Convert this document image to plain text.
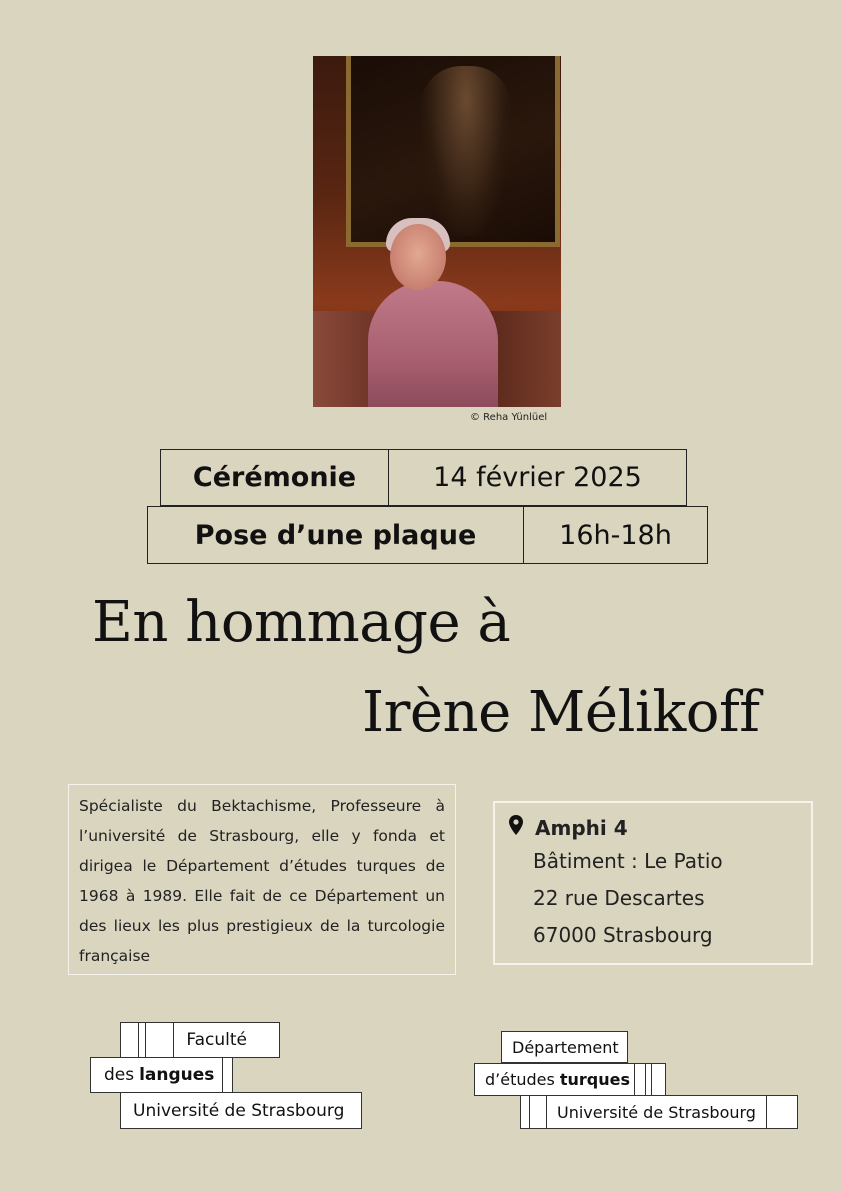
© Reha Yünlüel
Cérémonie	14 février 2025
Pose d’une plaque	16h-18h
En hommage à
Irène Mélikoff
Spécialiste du Bektachisme, Professeure à l’université de Strasbourg, elle y fonda et dirigea le Département d’études turques de 1968 à 1989. Elle fait de ce Département un des lieux les plus prestigieux de la turcologie française
Amphi 4
Bâtiment : Le Patio
22 rue Descartes
67000 Strasbourg
Faculté
des langues
Université de Strasbourg
Département
d’études turques
Université de Strasbourg
